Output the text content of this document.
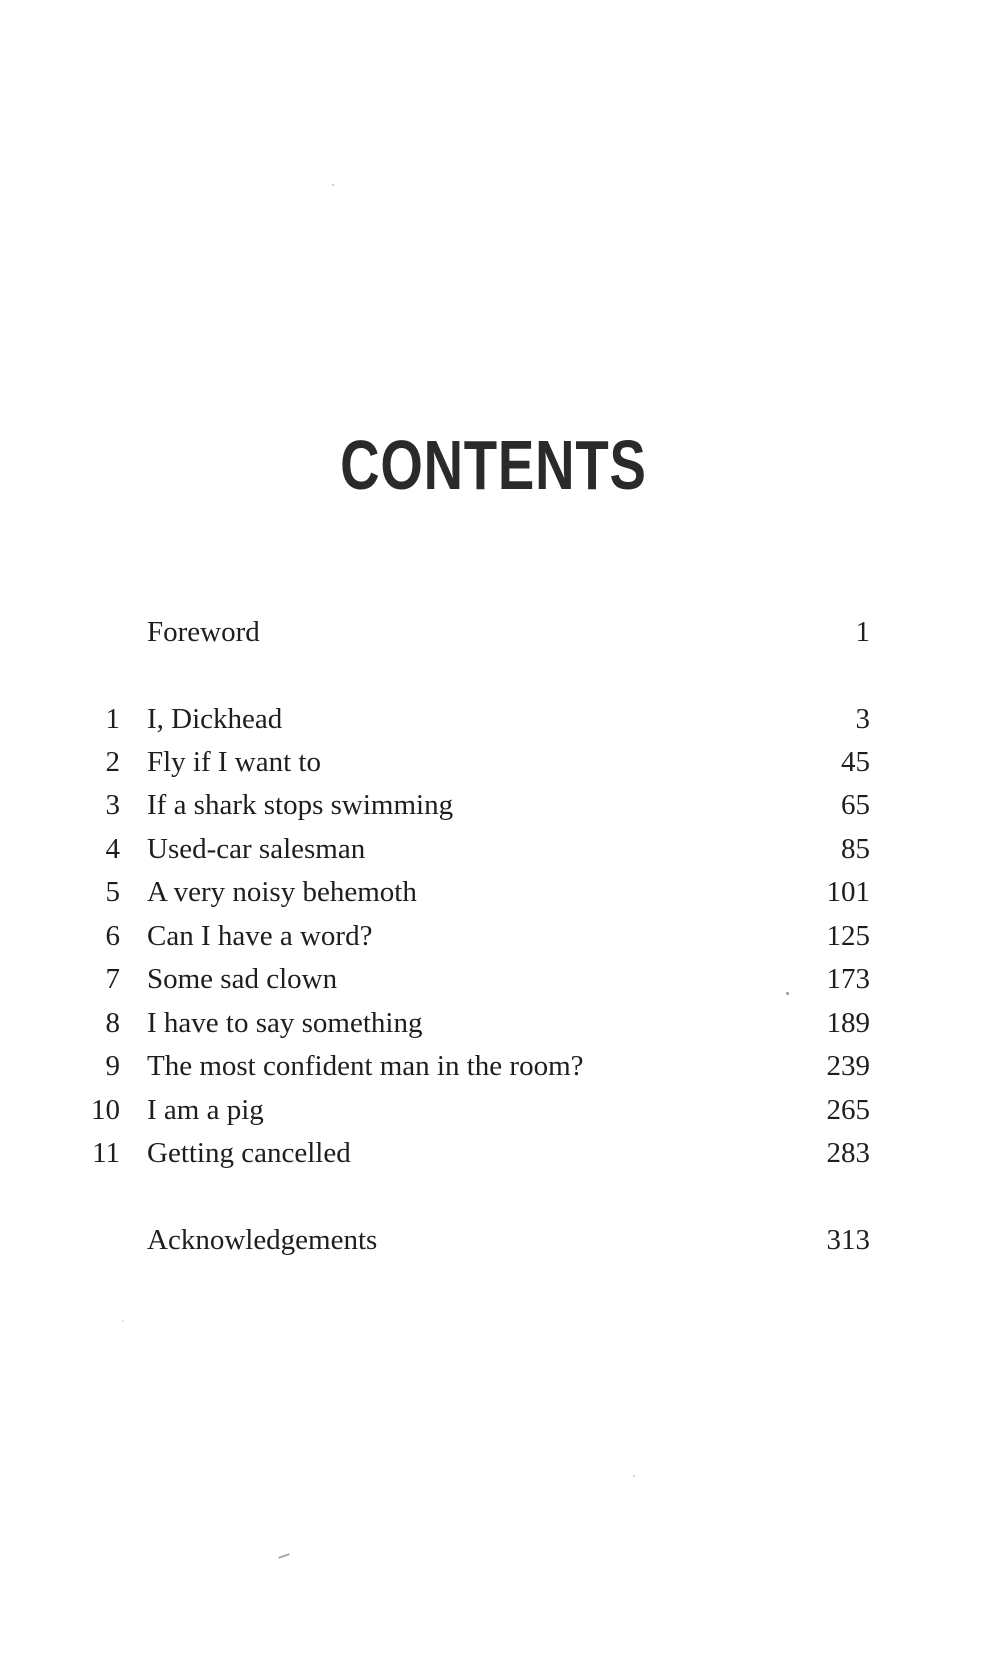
CONTENTS
Foreword	1
1 I, Dickhead	3
2 Fly if I want to	45
3 If a shark stops swimming	65
4 Used-car salesman	85
5 A very noisy behemoth	101
6 Can I have a word?	125
7 Some sad clown	173
8 I have to say something	189
9 The most confident man in the room?	239
10 I am a pig	265
11 Getting cancelled	283
Acknowledgements	313
